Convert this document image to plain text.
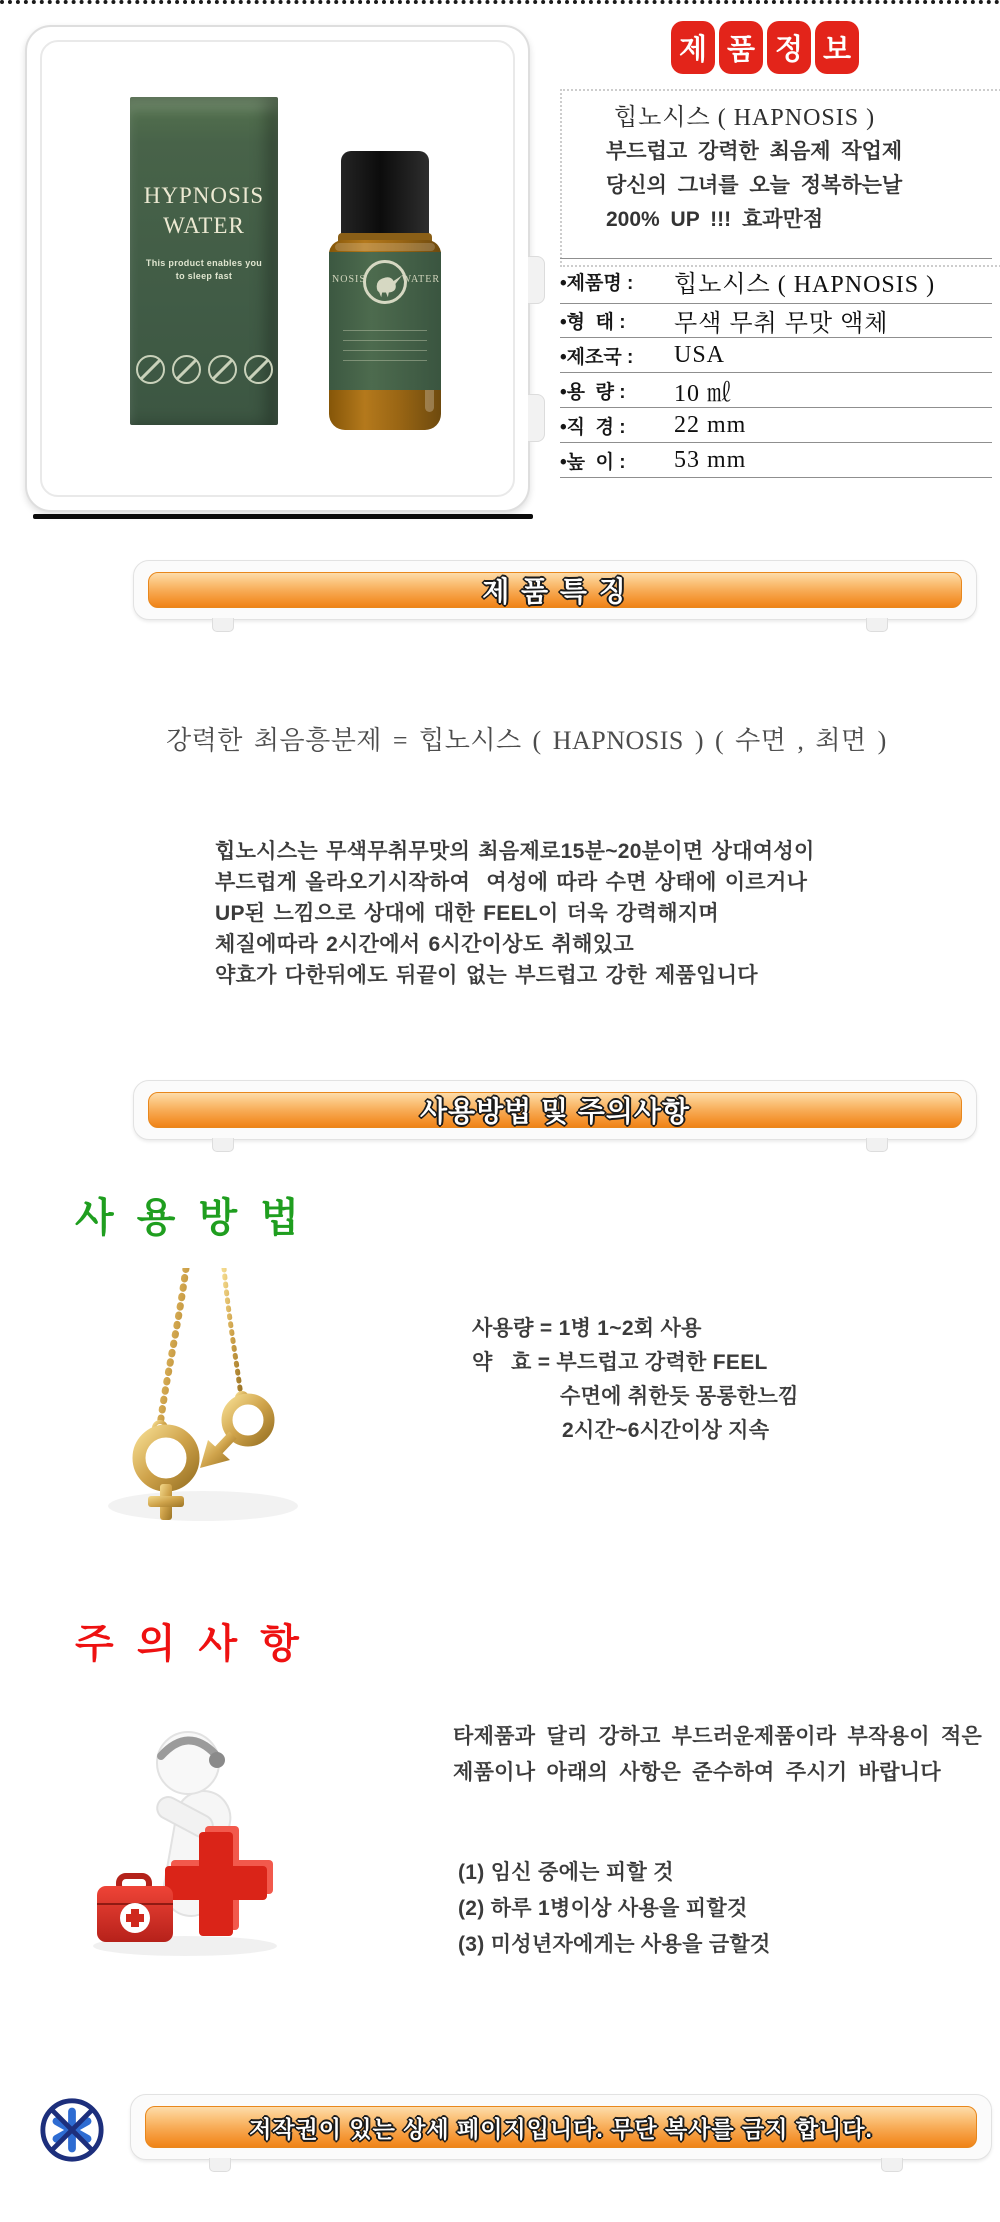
HYPNOSIS
WATER
This product enables you
to sleep fast	NOSIS	WATER
제 품 정 보
힙노시스 ( HAPNOSIS )
부드럽고 강력한 최음제 작업제
당신의 그녀를 오늘 정복하는날
200% UP !!! 효과만점
•제품명 :	힙노시스 ( HAPNOSIS )
•형  태 :	무색 무취 무맛 액체
•제조국 :	USA
•용  량 :	10 ㎖
•직  경 :	22 mm
•높  이 :	53 mm
제 품 특 징
강력한 최음흥분제 = 힙노시스 ( HAPNOSIS ) ( 수면 , 최면 )
힙노시스는 무색무취무맛의 최음제로15분~20분이면 상대여성이
부드럽게 올라오기시작하여  여성에 따라 수면 상태에 이르거나
UP된 느낌으로 상대에 대한 FEEL이 더욱 강력해지며
체질에따라 2시간에서 6시간이상도 취해있고
약효가 다한뒤에도 뒤끝이 없는 부드럽고 강한 제품입니다
사용방법 및 주의사항
사 용 방 법
사용량 = 1병 1~2회 사용
약   효 = 부드럽고 강력한 FEEL
수면에 취한듯 몽롱한느낌
2시간~6시간이상 지속
주 의 사 항
타제품과 달리 강하고 부드러운제품이라 부작용이 적은
제품이나 아래의 사항은 준수하여 주시기 바랍니다
(1) 임신 중에는 피할 것
(2) 하루 1병이상 사용을 피할것
(3) 미성년자에게는 사용을 금할것
저작권이 있는 상세 페이지입니다. 무단 복사를 금지 합니다.
